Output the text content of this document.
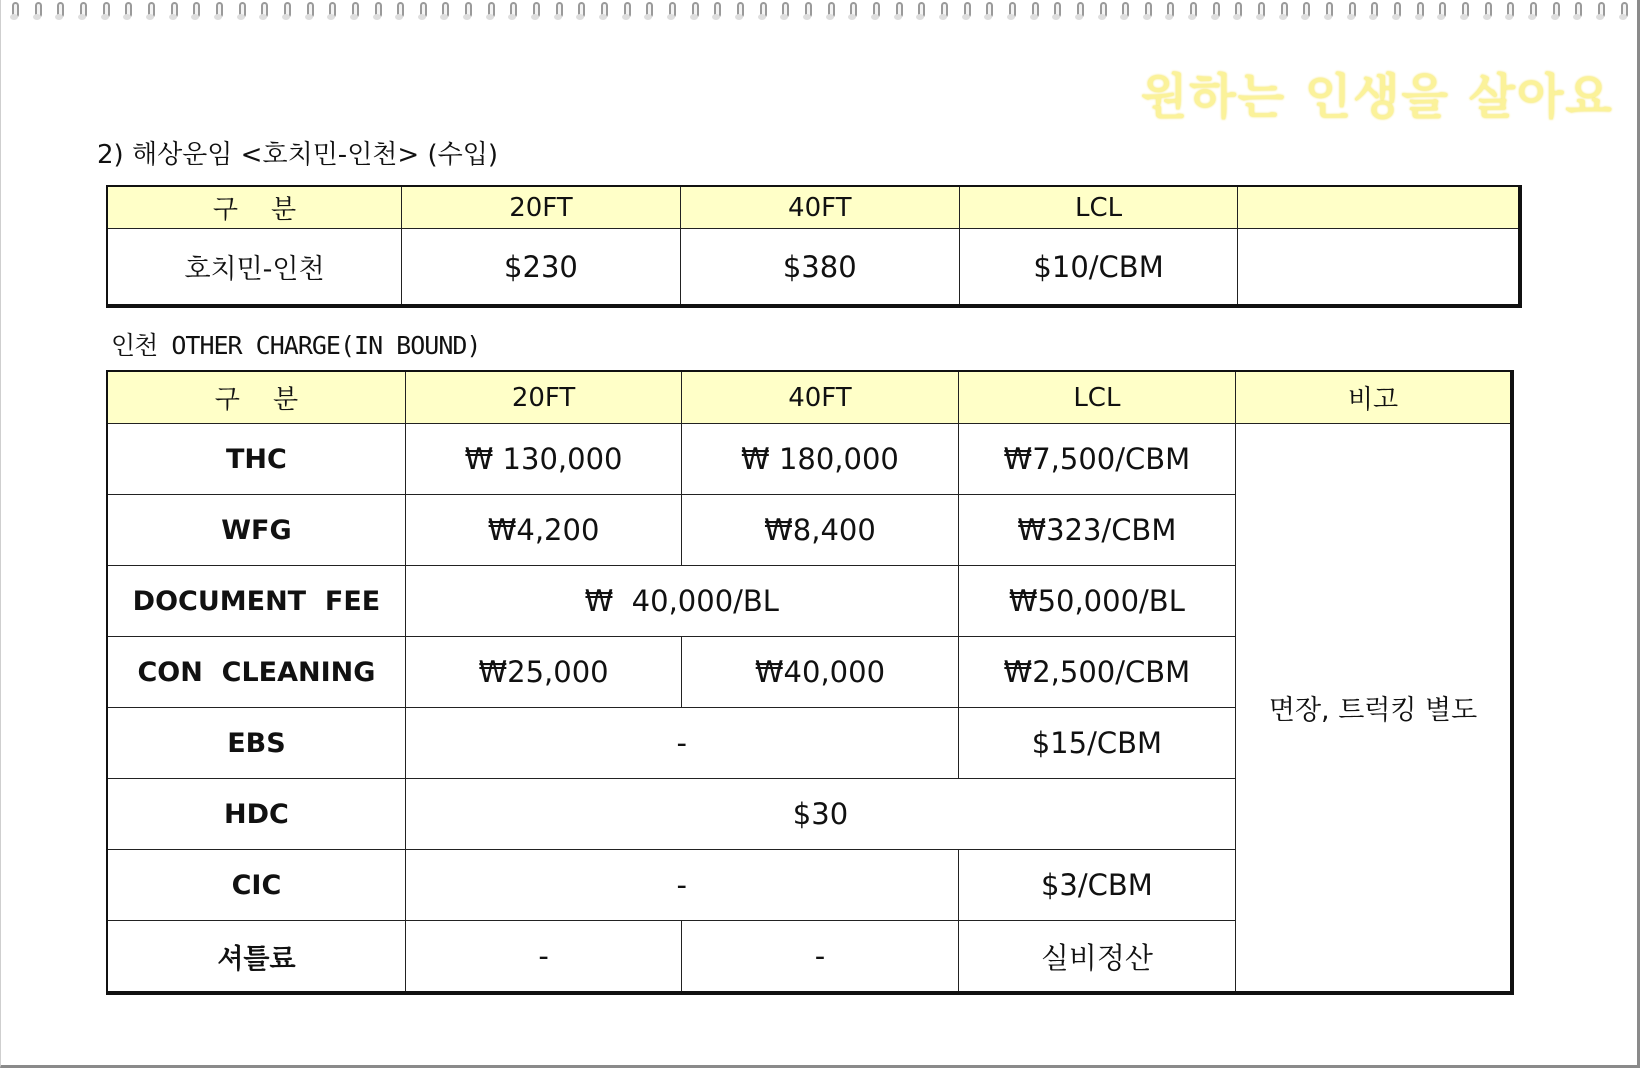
원하는 인생을 살아요
2) 해상운임 <호치민-인천> (수입)
구    분	20FT	40FT	LCL	
호치민-인천	$230	$380	$10/CBM	
인천 OTHER CHARGE(IN BOUND)
구    분	20FT	40FT	LCL	비고
THC	₩ 130,000	₩ 180,000	₩7,500/CBM	면장, 트럭킹 별도
WFG	₩4,200	₩8,400	₩323/CBM	
DOCUMENT  FEE	₩  40,000/BL		₩50,000/BL	
CON  CLEANING	₩25,000	₩40,000	₩2,500/CBM	
EBS	-		$15/CBM	
HDC	$30			
CIC	-		$3/CBM	
셔틀료	-	-	실비정산	
